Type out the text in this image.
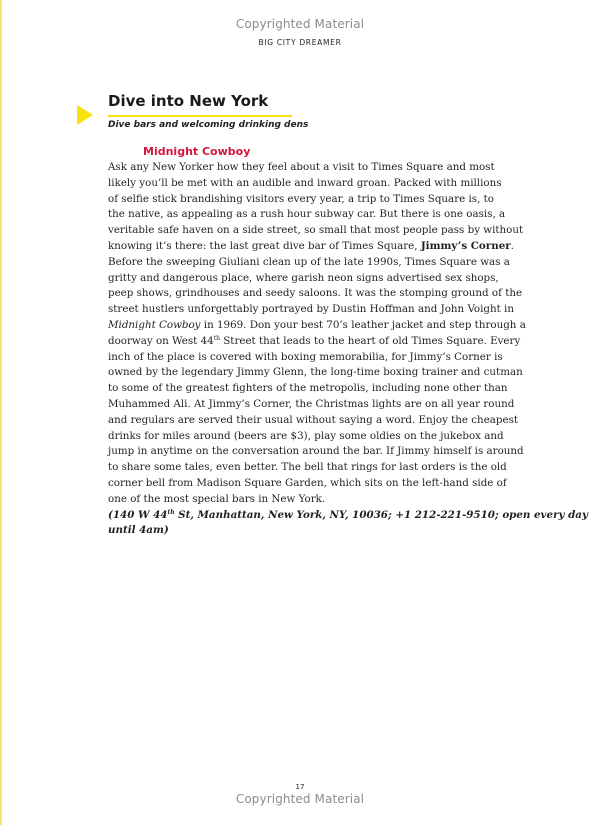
Copyrighted Material
BIG CITY DREAMER
Dive into New York
Dive bars and welcoming drinking dens
Midnight Cowboy
Ask any New Yorker how they feel about a visit to Times Square and most
likely you’ll be met with an audible and inward groan. Packed with millions
of selfie stick brandishing visitors every year, a trip to Times Square is, to
the native, as appealing as a rush hour subway car. But there is one oasis, a
veritable safe haven on a side street, so small that most people pass by without
knowing it’s there: the last great dive bar of Times Square, Jimmy’s Corner.
Before the sweeping Giuliani clean up of the late 1990s, Times Square was a
gritty and dangerous place, where garish neon signs advertised sex shops,
peep shows, grindhouses and seedy saloons. It was the stomping ground of the
street hustlers unforgettably portrayed by Dustin Hoffman and John Voight in
Midnight Cowboy in 1969. Don your best 70’s leather jacket and step through a
doorway on West 44th Street that leads to the heart of old Times Square. Every
inch of the place is covered with boxing memorabilia, for Jimmy’s Corner is
owned by the legendary Jimmy Glenn, the long-time boxing trainer and cutman
to some of the greatest fighters of the metropolis, including none other than
Muhammed Ali. At Jimmy’s Corner, the Christmas lights are on all year round
and regulars are served their usual without saying a word. Enjoy the cheapest
drinks for miles around (beers are $3), play some oldies on the jukebox and
jump in anytime on the conversation around the bar. If Jimmy himself is around
to share some tales, even better. The bell that rings for last orders is the old
corner bell from Madison Square Garden, which sits on the left-hand side of
one of the most special bars in New York.
(140 W 44th St, Manhattan, New York, NY, 10036; +1 212-221-9510; open every day
until 4am)
17
Copyrighted Material
